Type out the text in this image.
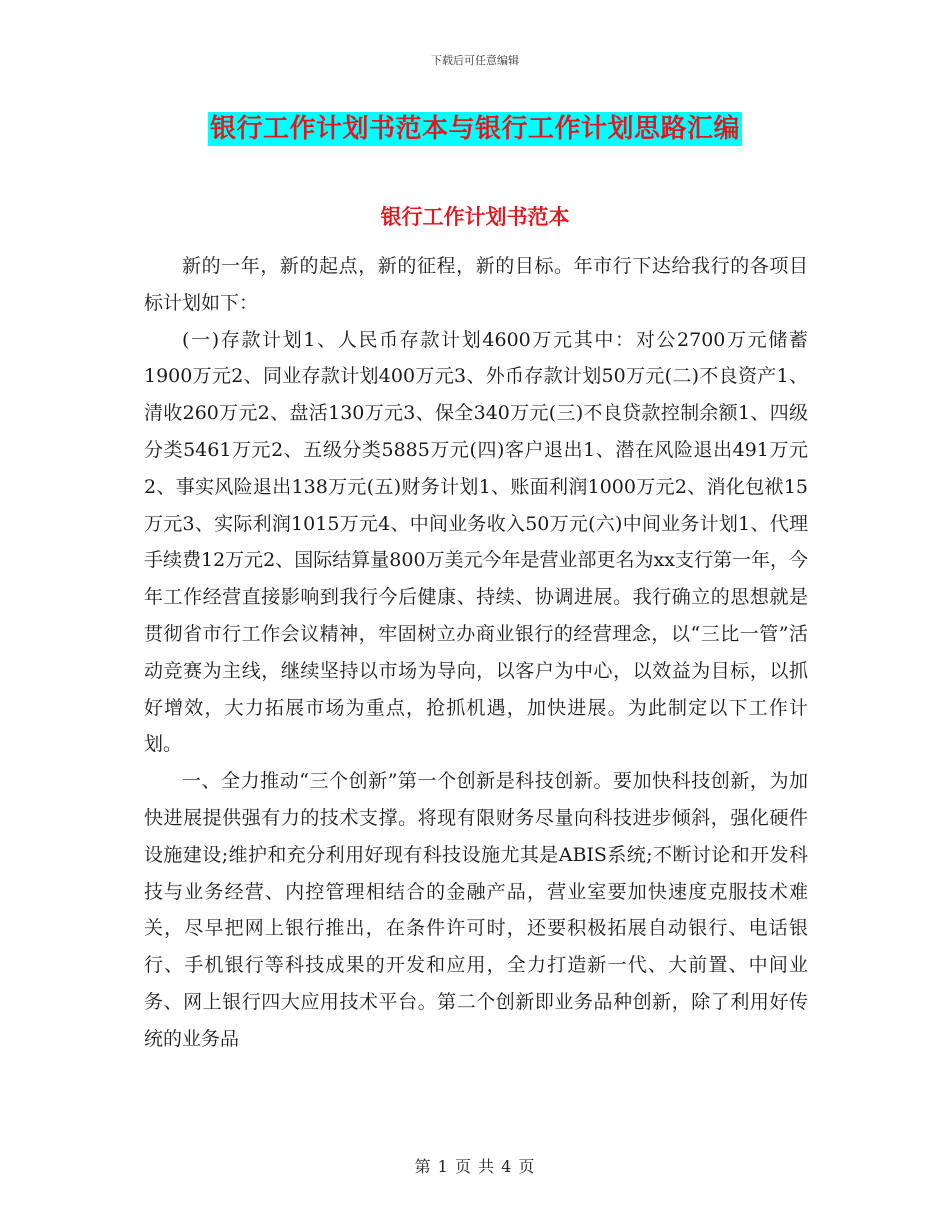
下载后可任意编辑
银行工作计划书范本与银行工作计划思路汇编
银行工作计划书范本

新的一年，新的起点，新的征程，新的目标。年市行下达给我行的各项目标计划如下：

(一)存款计划1、人民币存款计划4600万元其中：对公2700万元储蓄1900万元2、同业存款计划400万元3、外币存款计划50万元(二)不良资产1、清收260万元2、盘活130万元3、保全340万元(三)不良贷款控制余额1、四级分类5461万元2、五级分类5885万元(四)客户退出1、潜在风险退出491万元2、事实风险退出138万元(五)财务计划1、账面利润1000万元2、消化包袱15万元3、实际利润1015万元4、中间业务收入50万元(六)中间业务计划1、代理手续费12万元2、国际结算量800万美元今年是营业部更名为xx支行第一年，今年工作经营直接影响到我行今后健康、持续、协调进展。我行确立的思想就是贯彻省市行工作会议精神，牢固树立办商业银行的经营理念，以“三比一管”活动竞赛为主线，继续坚持以市场为导向，以客户为中心，以效益为目标，以抓好增效，大力拓展市场为重点，抢抓机遇，加快进展。为此制定以下工作计划。

一、全力推动“三个创新”第一个创新是科技创新。要加快科技创新，为加快进展提供强有力的技术支撑。将现有限财务尽量向科技进步倾斜，强化硬件设施建设;维护和充分利用好现有科技设施尤其是ABIS系统;不断讨论和开发科技与业务经营、内控管理相结合的金融产品，营业室要加快速度克服技术难关，尽早把网上银行推出，在条件许可时，还要积极拓展自动银行、电话银行、手机银行等科技成果的开发和应用，全力打造新一代、大前置、中间业务、网上银行四大应用技术平台。第二个创新即业务品种创新，除了利用好传统的业务品

第 1 页 共 4 页
